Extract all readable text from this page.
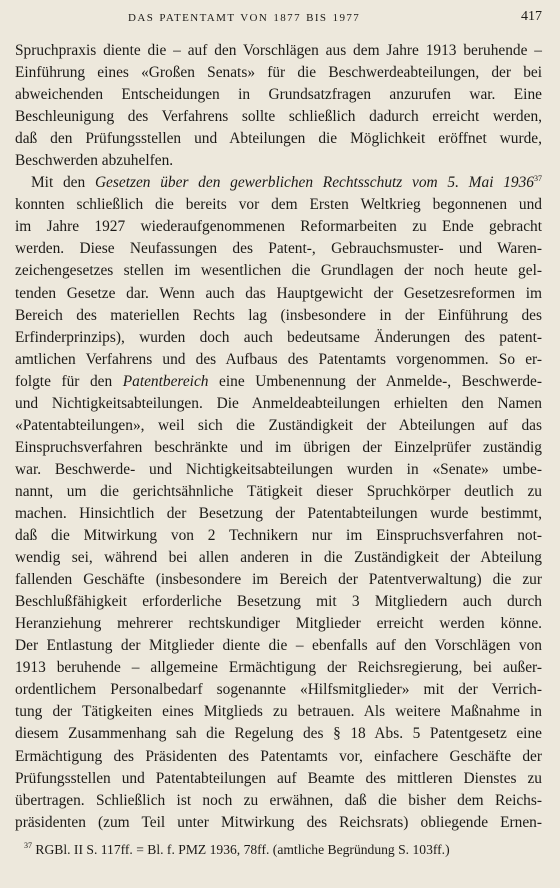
DAS PATENTAMT VON 1877 BIS 1977	417
Spruchpraxis diente die – auf den Vorschlägen aus dem Jahre 1913 beruhende –
Einführung eines «Großen Senats» für die Beschwerdeabteilungen, der bei
abweichenden Entscheidungen in Grundsatzfragen anzurufen war. Eine
Beschleunigung des Verfahrens sollte schließlich dadurch erreicht werden,
daß den Prüfungsstellen und Abteilungen die Möglichkeit eröffnet wurde,
Beschwerden abzuhelfen.
Mit den Gesetzen über den gewerblichen Rechtsschutz vom 5. Mai 1936$^{37}$
konnten schließlich die bereits vor dem Ersten Weltkrieg begonnenen und
im Jahre 1927 wiederaufgenommenen Reformarbeiten zu Ende gebracht
werden. Diese Neufassungen des Patent-, Gebrauchsmuster- und Waren-
zeichengesetzes stellen im wesentlichen die Grundlagen der noch heute gel-
tenden Gesetze dar. Wenn auch das Hauptgewicht der Gesetzesreformen im
Bereich des materiellen Rechts lag (insbesondere in der Einführung des
Erfinderprinzips), wurden doch auch bedeutsame Änderungen des patent-
amtlichen Verfahrens und des Aufbaus des Patentamts vorgenommen. So er-
folgte für den Patentbereich eine Umbenennung der Anmelde-, Beschwerde-
und Nichtigkeitsabteilungen. Die Anmeldeabteilungen erhielten den Namen
«Patentabteilungen», weil sich die Zuständigkeit der Abteilungen auf das
Einspruchsverfahren beschränkte und im übrigen der Einzelprüfer zuständig
war. Beschwerde- und Nichtigkeitsabteilungen wurden in «Senate» umbe-
nannt, um die gerichtsähnliche Tätigkeit dieser Spruchkörper deutlich zu
machen. Hinsichtlich der Besetzung der Patentabteilungen wurde bestimmt,
daß die Mitwirkung von 2 Technikern nur im Einspruchsverfahren not-
wendig sei, während bei allen anderen in die Zuständigkeit der Abteilung
fallenden Geschäfte (insbesondere im Bereich der Patentverwaltung) die zur
Beschlußfähigkeit erforderliche Besetzung mit 3 Mitgliedern auch durch
Heranziehung mehrerer rechtskundiger Mitglieder erreicht werden könne.
Der Entlastung der Mitglieder diente die – ebenfalls auf den Vorschlägen von
1913 beruhende – allgemeine Ermächtigung der Reichsregierung, bei außer-
ordentlichem Personalbedarf sogenannte «Hilfsmitglieder» mit der Verrich-
tung der Tätigkeiten eines Mitglieds zu betrauen. Als weitere Maßnahme in
diesem Zusammenhang sah die Regelung des § 18 Abs. 5 Patentgesetz eine
Ermächtigung des Präsidenten des Patentamts vor, einfachere Geschäfte der
Prüfungsstellen und Patentabteilungen auf Beamte des mittleren Dienstes zu
übertragen. Schließlich ist noch zu erwähnen, daß die bisher dem Reichs-
präsidenten (zum Teil unter Mitwirkung des Reichsrats) obliegende Ernen-
$^{37}$ RGBl. II S. 117ff. = Bl. f. PMZ 1936, 78ff. (amtliche Begründung S. 103ff.)
